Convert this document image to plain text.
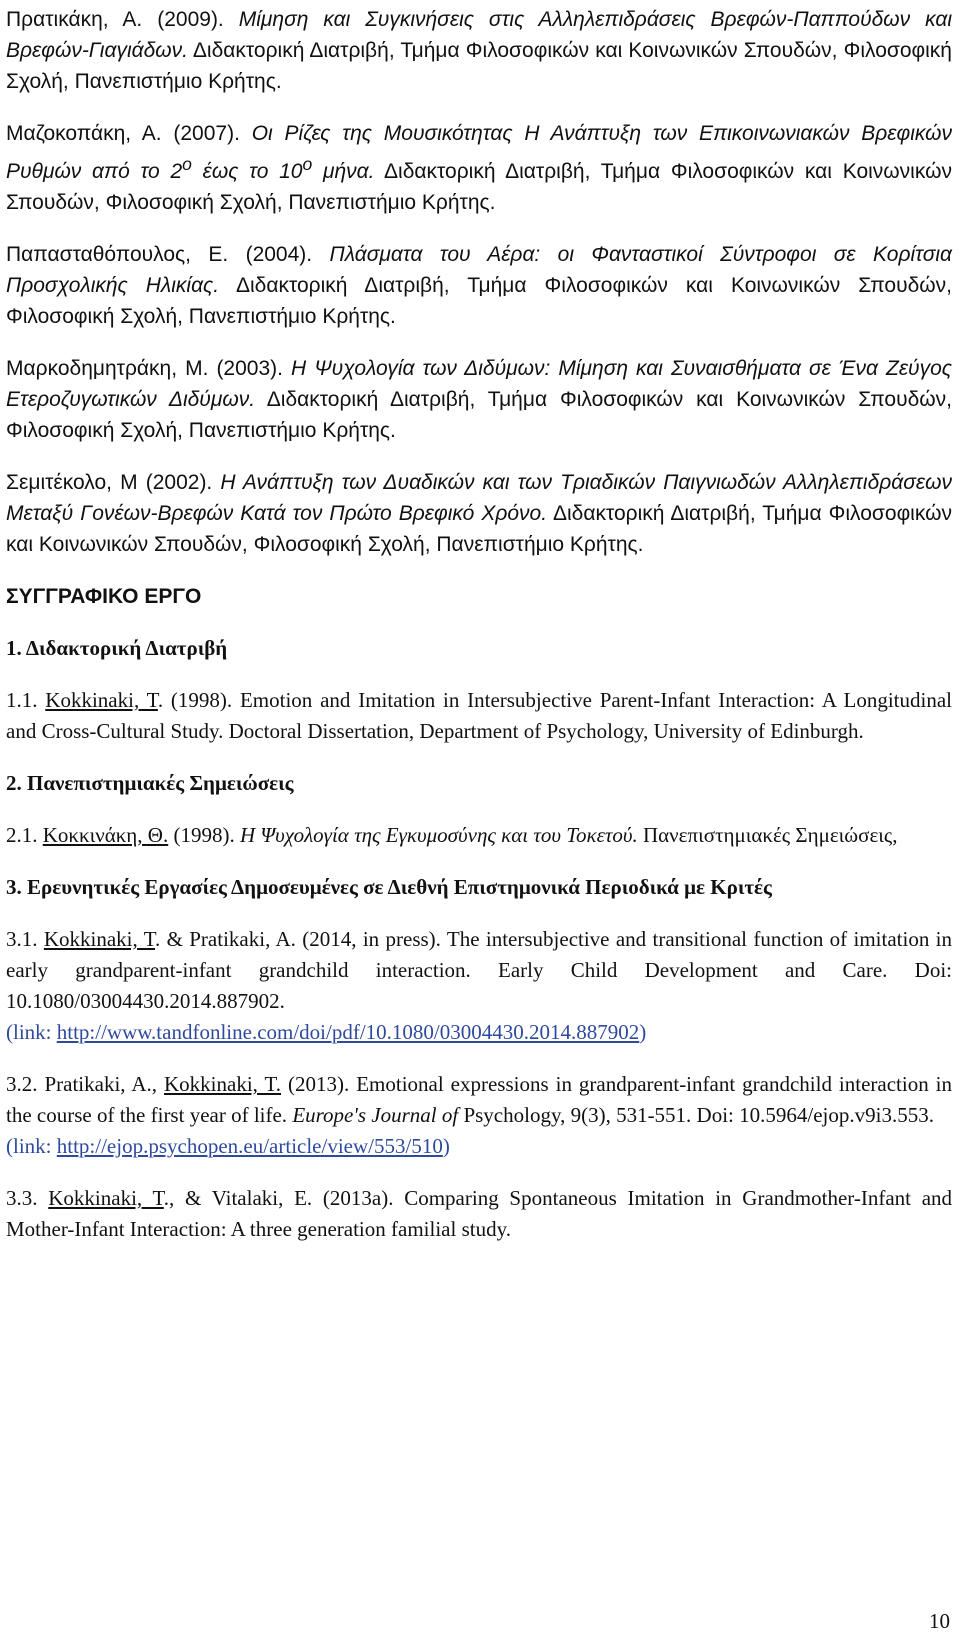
Πρατικάκη, Α. (2009). Μίμηση και Συγκινήσεις στις Αλληλεπιδράσεις Βρεφών-Παππούδων και Βρεφών-Γιαγιάδων. Διδακτορική Διατριβή, Τμήμα Φιλοσοφικών και Κοινωνικών Σπουδών, Φιλοσοφική Σχολή, Πανεπιστήμιο Κρήτης.

Μαζοκοπάκη, Α. (2007). Οι Ρίζες της Μουσικότητας Η Ανάπτυξη των Επικοινωνιακών Βρεφικών Ρυθμών από το $2^o$ έως το $10^o$ μήνα. Διδακτορική Διατριβή, Τμήμα Φιλοσοφικών και Κοινωνικών Σπουδών, Φιλοσοφική Σχολή, Πανεπιστήμιο Κρήτης.

Παπασταθόπουλος, Ε. (2004). Πλάσματα του Αέρα: οι Φανταστικοί Σύντροφοι σε Κορίτσια Προσχολικής Ηλικίας. Διδακτορική Διατριβή, Τμήμα Φιλοσοφικών και Κοινωνικών Σπουδών, Φιλοσοφική Σχολή, Πανεπιστήμιο Κρήτης.

Μαρκοδημητράκη, Μ. (2003). Η Ψυχολογία των Διδύμων: Μίμηση και Συναισθήματα σε Ένα Ζεύγος Ετεροζυγωτικών Διδύμων. Διδακτορική Διατριβή, Τμήμα Φιλοσοφικών και Κοινωνικών Σπουδών, Φιλοσοφική Σχολή, Πανεπιστήμιο Κρήτης.

Σεμιτέκολο, Μ (2002). Η Ανάπτυξη των Δυαδικών και των Τριαδικών Παιγνιωδών Αλληλεπιδράσεων Μεταξύ Γονέων-Βρεφών Κατά τον Πρώτο Βρεφικό Χρόνο. Διδακτορική Διατριβή, Τμήμα Φιλοσοφικών και Κοινωνικών Σπουδών, Φιλοσοφική Σχολή, Πανεπιστήμιο Κρήτης.

ΣΥΓΓΡΑΦΙΚΟ ΕΡΓΟ

1. Διδακτορική Διατριβή

1.1. Kokkinaki, T. (1998). Emotion and Imitation in Intersubjective Parent-Infant Interaction: A Longitudinal and Cross-Cultural Study. Doctoral Dissertation, Department of Psychology, University of Edinburgh.

2. Πανεπιστημιακές Σημειώσεις

2.1. Κοκκινάκη, Θ. (1998). Η Ψυχολογία της Εγκυμοσύνης και του Τοκετού. Πανεπιστημιακές Σημειώσεις,

3. Ερευνητικές Εργασίες Δημοσευμένες σε Διεθνή Επιστημονικά Περιοδικά με Κριτές

3.1. Kokkinaki, T. & Pratikaki, A. (2014, in press). The intersubjective and transitional function of imitation in early grandparent-infant grandchild interaction. Early Child Development and Care. Doi: 10.1080/03004430.2014.887902.
(link: http://www.tandfonline.com/doi/pdf/10.1080/03004430.2014.887902)

3.2. Pratikaki, A., Kokkinaki, T. (2013). Emotional expressions in grandparent-infant grandchild interaction in the course of the first year of life. Europe's Journal of Psychology, 9(3), 531-551. Doi: 10.5964/ejop.v9i3.553.
(link: http://ejop.psychopen.eu/article/view/553/510)

3.3. Kokkinaki, T., & Vitalaki, E. (2013a). Comparing Spontaneous Imitation in Grandmother-Infant and Mother-Infant Interaction: A three generation familial study.

10
